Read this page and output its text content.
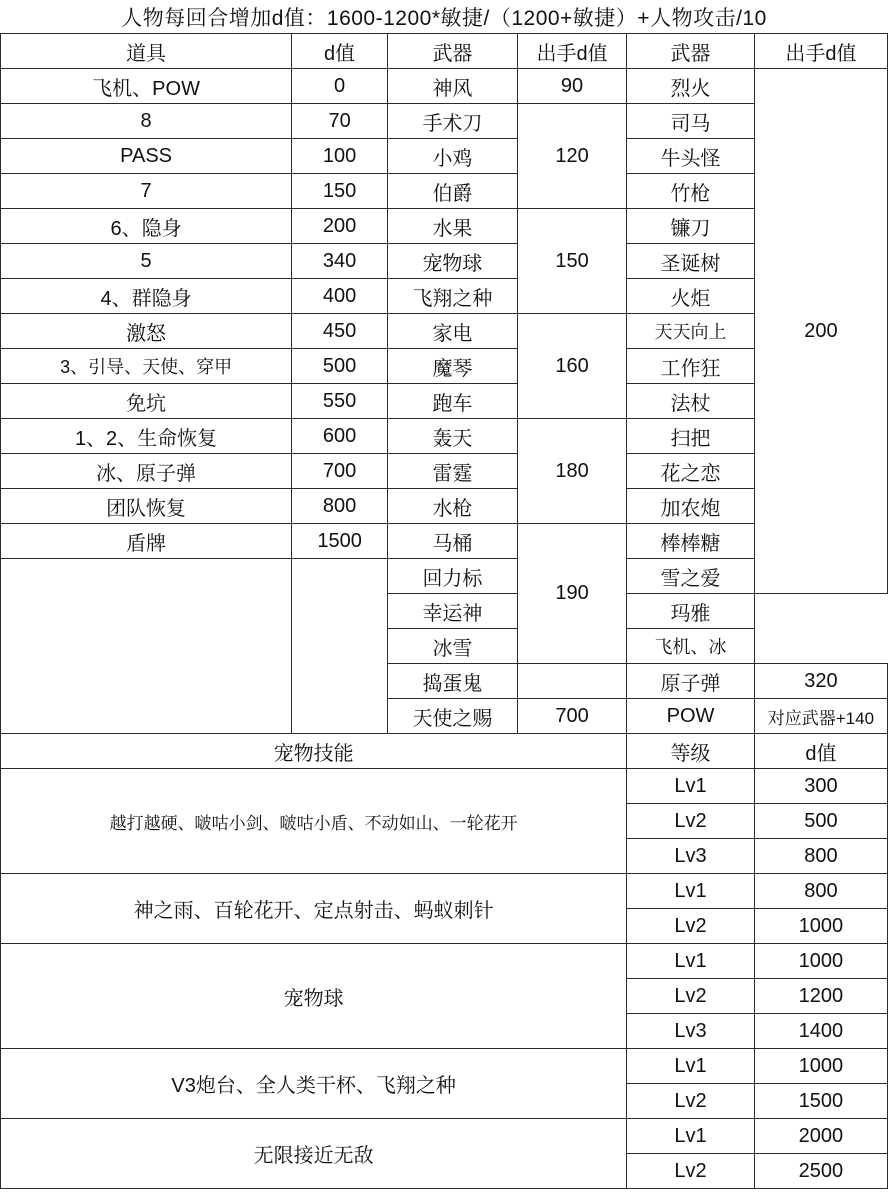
人物每回合增加d值：1600-1200*敏捷/（1200+敏捷）+人物攻击/10
道具	d值	武器	出手d值	武器	出手d值
飞机、POW	0	神风	90	烈火	200
8	70	手术刀	120	司马	
PASS	100	小鸡		牛头怪	
7	150	伯爵		竹枪	
6、隐身	200	水果	150	镰刀	
5	340	宠物球		圣诞树	
4、群隐身	400	飞翔之种		火炬	
激怒	450	家电	160	天天向上	
3、引导、天使、穿甲	500	魔琴		工作狂	
免坑	550	跑车		法杖	
1、2、生命恢复	600	轰天	180	扫把	
冰、原子弹	700	雷霆		花之恋	
团队恢复	800	水枪		加农炮	
盾牌	1500	马桶	190	棒棒糖	
		回力标		雪之爱	
		幸运神		玛雅	
		冰雪		飞机、冰	
		捣蛋鬼		原子弹	320
		天使之赐	700	POW	对应武器+140
宠物技能				等级	d值
越打越硬、啵咕小剑、啵咕小盾、不动如山、一轮花开				Lv1	300
				Lv2	500
				Lv3	800
神之雨、百轮花开、定点射击、蚂蚁刺针				Lv1	800
				Lv2	1000
宠物球				Lv1	1000
				Lv2	1200
				Lv3	1400
V3炮台、全人类干杯、飞翔之种				Lv1	1000
				Lv2	1500
无限接近无敌				Lv1	2000
				Lv2	2500
